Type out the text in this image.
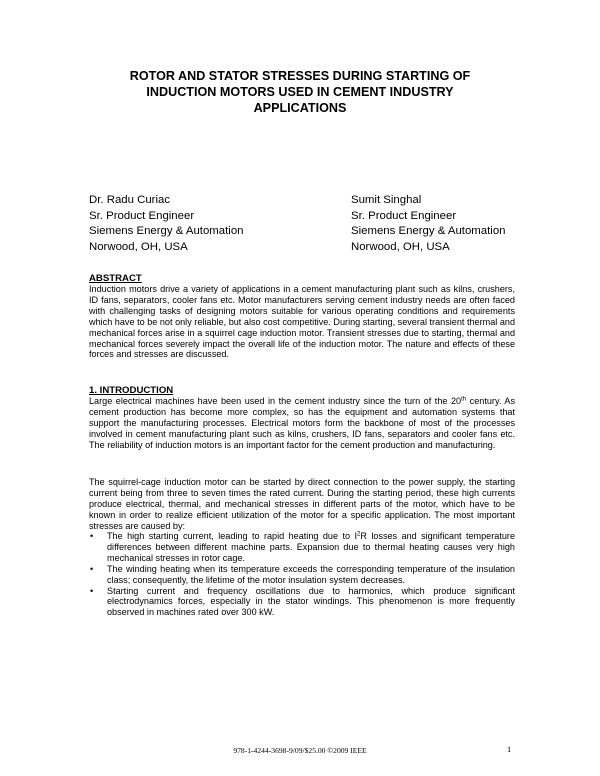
ROTOR AND STATOR STRESSES DURING STARTING OF
INDUCTION MOTORS USED IN CEMENT INDUSTRY
APPLICATIONS
Dr. Radu Curiac
Sr. Product Engineer
Siemens Energy & Automation
Norwood, OH, USA
Sumit Singhal
Sr. Product Engineer
Siemens Energy & Automation
Norwood, OH, USA
ABSTRACT

Induction motors drive a variety of applications in a cement manufacturing plant such as kilns, crushers, ID fans, separators, cooler fans etc. Motor manufacturers serving cement industry needs are often faced with challenging tasks of designing motors suitable for various operating conditions and requirements which have to be not only reliable, but also cost competitive. During starting, several transient thermal and mechanical forces arise in a squirrel cage induction motor. Transient stresses due to starting, thermal and mechanical forces severely impact the overall life of the induction motor. The nature and effects of these forces and stresses are discussed.

1. INTRODUCTION

Large electrical machines have been used in the cement industry since the turn of the 20th century. As cement production has become more complex, so has the equipment and automation systems that support the manufacturing processes. Electrical motors form the backbone of most of the processes involved in cement manufacturing plant such as kilns, crushers, ID fans, separators and cooler fans etc. The reliability of induction motors is an important factor for the cement production and manufacturing.

The squirrel-cage induction motor can be started by direct connection to the power supply, the starting current being from three to seven times the rated current. During the starting period, these high currents produce electrical, thermal, and mechanical stresses in different parts of the motor, which have to be known in order to realize efficient utilization of the motor for a specific application. The most important stresses are caused by:

• The high starting current, leading to rapid heating due to $I^2R$ losses and significant temperature differences between different machine parts. Expansion due to thermal heating causes very high mechanical stresses in rotor cage.
• The winding heating when its temperature exceeds the corresponding temperature of the insulation class; consequently, the lifetime of the motor insulation system decreases.
• Starting current and frequency oscillations due to harmonics, which produce significant electrodynamics forces, especially in the stator windings. This phenomenon is more frequently observed in machines rated over 300 kW.
978-1-4244-3698-9/09/$25.00 ©2009 IEEE	1
